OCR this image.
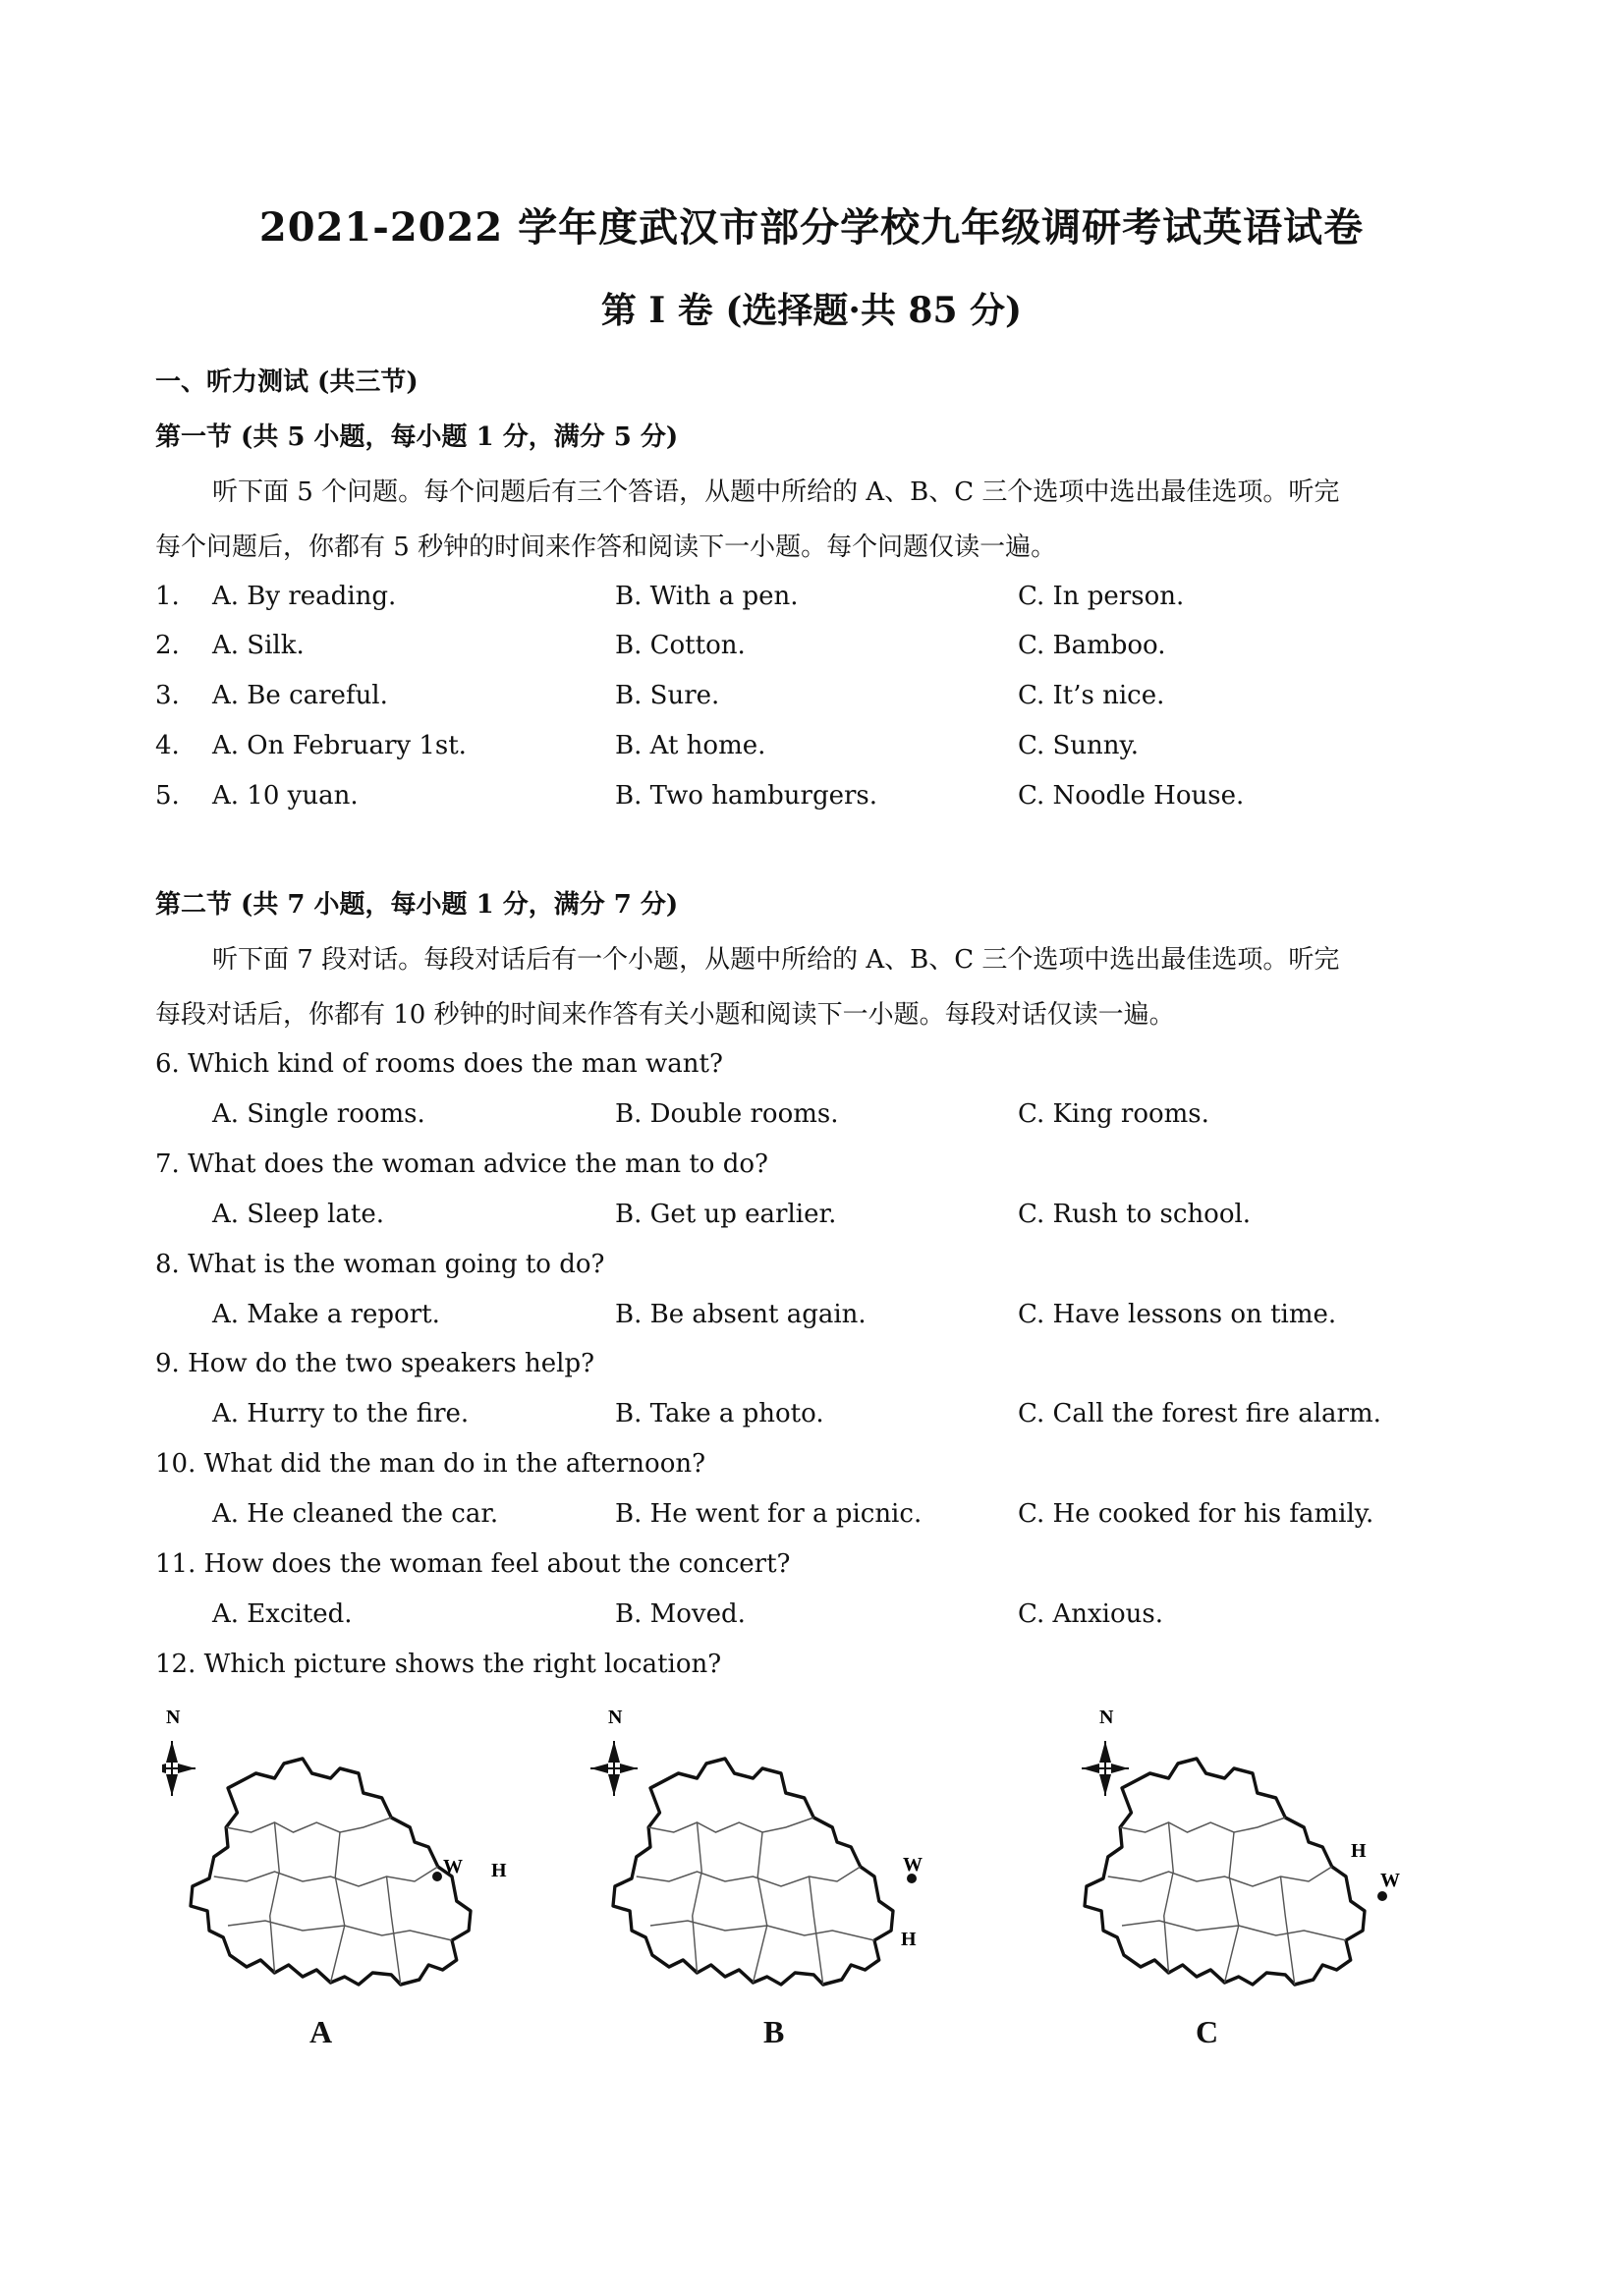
2021-2022 学年度武汉市部分学校九年级调研考试英语试卷
第 I 卷 (选择题·共 85 分)
一、听力测试 (共三节)
第一节 (共 5 小题，每小题 1 分，满分 5 分)
听下面 5 个问题。每个问题后有三个答语，从题中所给的 A、B、C 三个选项中选出最佳选项。听完
每个问题后，你都有 5 秒钟的时间来作答和阅读下一小题。每个问题仅读一遍。
1. A. By reading.	B. With a pen.	C. In person.
2. A. Silk.	B. Cotton.	C. Bamboo.
3. A. Be careful.	B. Sure.	C. It’s nice.
4. A. On February 1st.	B. At home.	C. Sunny.
5. A. 10 yuan.	B. Two hamburgers.	C. Noodle House.
第二节 (共 7 小题，每小题 1 分，满分 7 分)
听下面 7 段对话。每段对话后有一个小题，从题中所给的 A、B、C 三个选项中选出最佳选项。听完
每段对话后，你都有 10 秒钟的时间来作答有关小题和阅读下一小题。每段对话仅读一遍。
6. Which kind of rooms does the man want?
A. Single rooms.	B. Double rooms.	C. King rooms.
7. What does the woman advice the man to do?
A. Sleep late.	B. Get up earlier.	C. Rush to school.
8. What is the woman going to do?
A. Make a report.	B. Be absent again.	C. Have lessons on time.
9. How do the two speakers help?
A. Hurry to the fire.	B. Take a photo.	C. Call the forest fire alarm.
10. What did the man do in the afternoon?
A. He cleaned the car.	B. He went for a picnic.	C. He cooked for his family.
11. How does the woman feel about the concert?
A. Excited.	B. Moved.	C. Anxious.
12. Which picture shows the right location?
N
W H
N
W
H
N
W
H
A	B	C
